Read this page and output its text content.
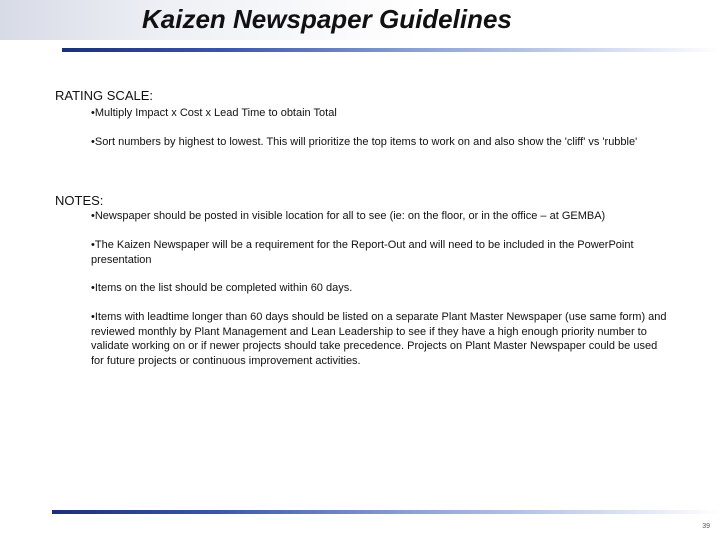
Kaizen Newspaper Guidelines
RATING SCALE:
•Multiply Impact x Cost x Lead Time to obtain Total
•Sort numbers by highest to lowest. This will prioritize the top items to work on and also show the 'cliff' vs 'rubble'
NOTES:
•Newspaper should be posted in visible location for all to see (ie: on the floor, or in the office – at GEMBA)
•The Kaizen Newspaper will be a requirement for the Report-Out and will need to be included in the PowerPoint presentation
•Items on the list should be completed within 60 days.
•Items with leadtime longer than 60 days should be listed on a separate Plant Master Newspaper (use same form) and reviewed monthly by Plant Management and Lean Leadership to see if they have a high enough priority number to validate working on or if newer projects should take precedence. Projects on Plant Master Newspaper could be used for future projects or continuous improvement activities.
39
